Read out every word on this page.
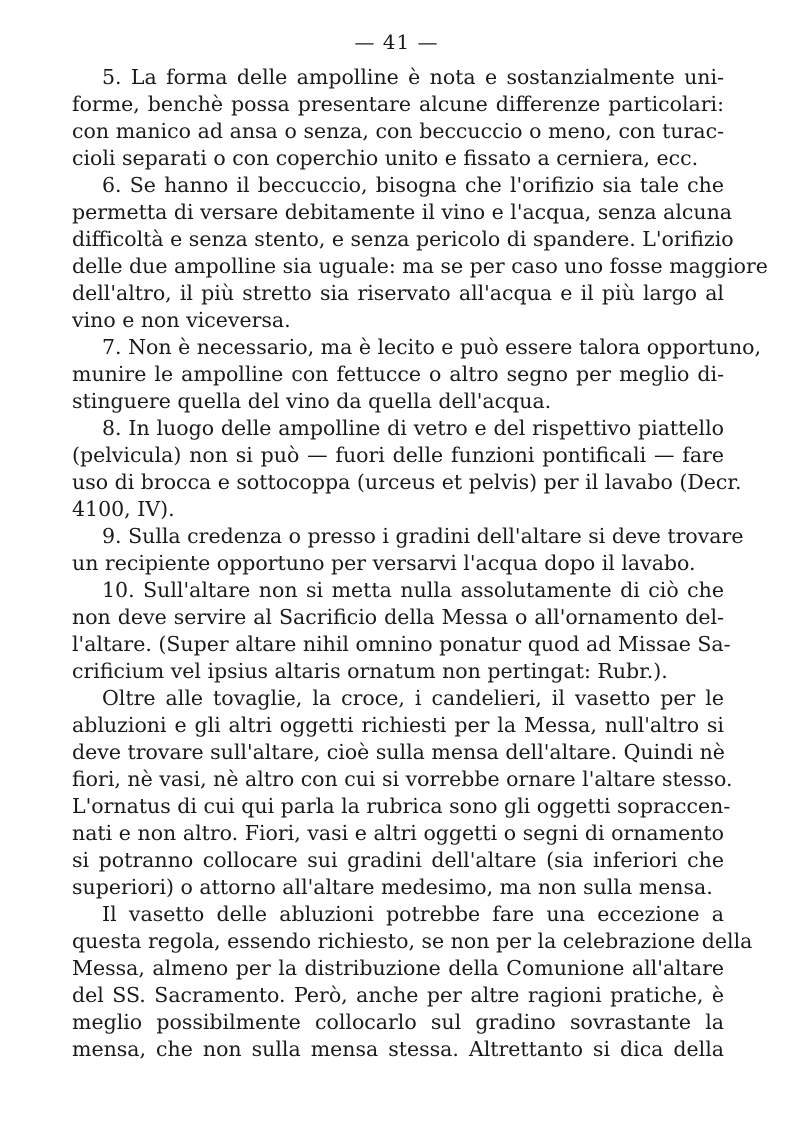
— 41 —
5. La forma delle ampolline è nota e sostanzialmente uni-
forme, benchè possa presentare alcune differenze particolari:
con manico ad ansa o senza, con beccuccio o meno, con turac-
cioli separati o con coperchio unito e fissato a cerniera, ecc.
6. Se hanno il beccuccio, bisogna che l'orifizio sia tale che
permetta di versare debitamente il vino e l'acqua, senza alcuna
difficoltà e senza stento, e senza pericolo di spandere. L'orifizio
delle due ampolline sia uguale: ma se per caso uno fosse maggiore
dell'altro, il più stretto sia riservato all'acqua e il più largo al
vino e non viceversa.
7. Non è necessario, ma è lecito e può essere talora opportuno,
munire le ampolline con fettucce o altro segno per meglio di-
stinguere quella del vino da quella dell'acqua.
8. In luogo delle ampolline di vetro e del rispettivo piattello
(pelvicula) non si può — fuori delle funzioni pontificali — fare
uso di brocca e sottocoppa (urceus et pelvis) per il lavabo (Decr.
4100, IV).
9. Sulla credenza o presso i gradini dell'altare si deve trovare
un recipiente opportuno per versarvi l'acqua dopo il lavabo.
10. Sull'altare non si metta nulla assolutamente di ciò che
non deve servire al Sacrificio della Messa o all'ornamento del-
l'altare. (Super altare nihil omnino ponatur quod ad Missae Sa-
crificium vel ipsius altaris ornatum non pertingat: Rubr.).
Oltre alle tovaglie, la croce, i candelieri, il vasetto per le
abluzioni e gli altri oggetti richiesti per la Messa, null'altro si
deve trovare sull'altare, cioè sulla mensa dell'altare. Quindi nè
fiori, nè vasi, nè altro con cui si vorrebbe ornare l'altare stesso.
L'ornatus di cui qui parla la rubrica sono gli oggetti sopraccen-
nati e non altro. Fiori, vasi e altri oggetti o segni di ornamento
si potranno collocare sui gradini dell'altare (sia inferiori che
superiori) o attorno all'altare medesimo, ma non sulla mensa.
Il vasetto delle abluzioni potrebbe fare una eccezione a
questa regola, essendo richiesto, se non per la celebrazione della
Messa, almeno per la distribuzione della Comunione all'altare
del SS. Sacramento. Però, anche per altre ragioni pratiche, è
meglio possibilmente collocarlo sul gradino sovrastante la
mensa, che non sulla mensa stessa. Altrettanto si dica della
